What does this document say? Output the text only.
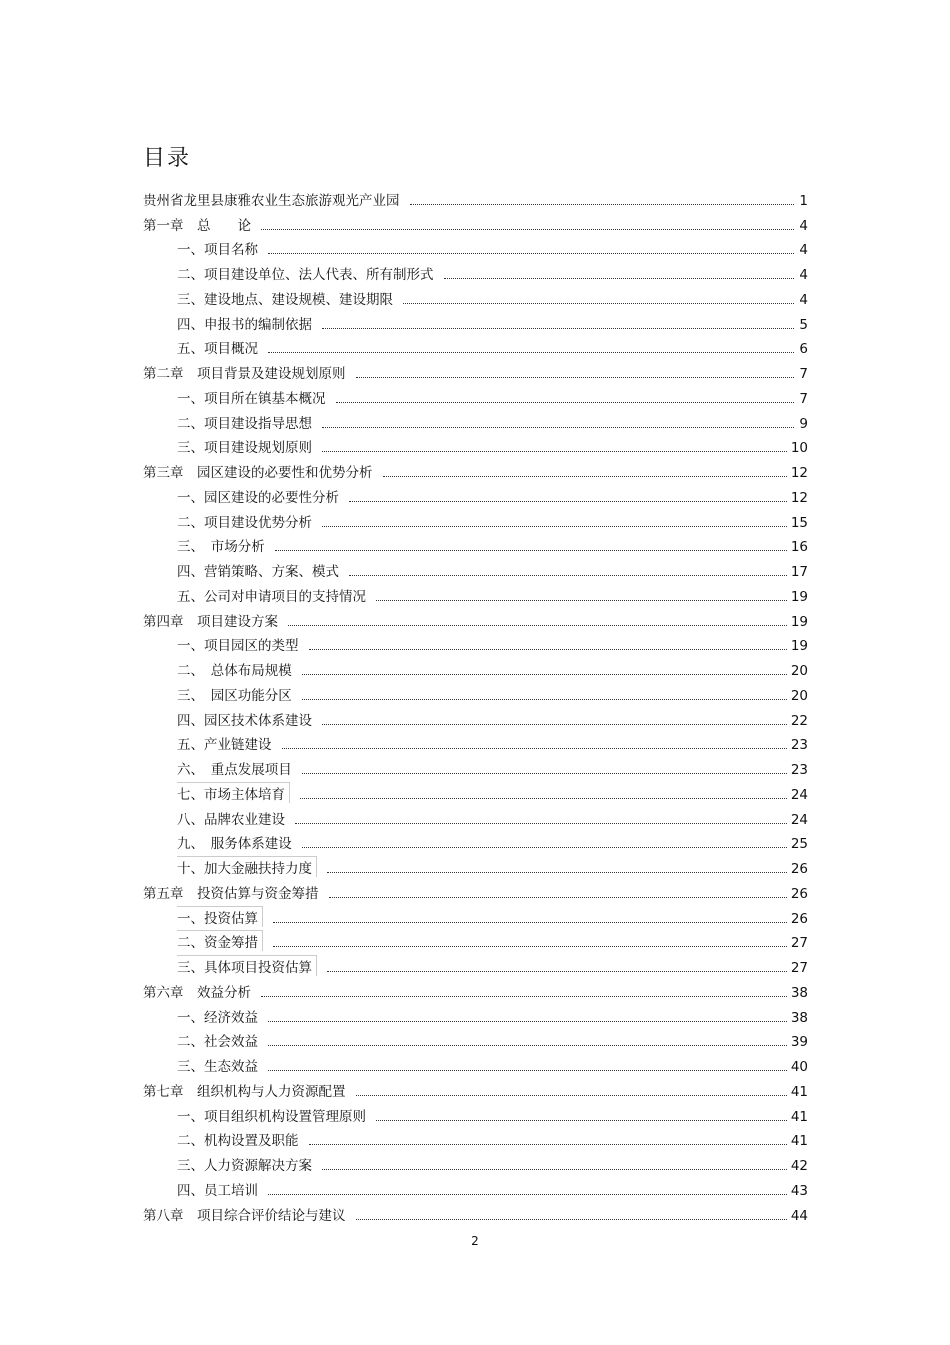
目录
贵州省龙里县康雅农业生态旅游观光产业园	1
第一章　总　　论	4
一、项目名称	4
二、项目建设单位、法人代表、所有制形式	4
三、建设地点、建设规模、建设期限	4
四、申报书的编制依据	5
五、项目概况	6
第二章　项目背景及建设规划原则	7
一、项目所在镇基本概况	7
二、项目建设指导思想	9
三、项目建设规划原则	10
第三章　园区建设的必要性和优势分析	12
一、园区建设的必要性分析	12
二、项目建设优势分析	15
三、　市场分析	16
四、营销策略、方案、模式	17
五、公司对申请项目的支持情况	19
第四章　项目建设方案	19
一、项目园区的类型	19
二、　总体布局规模	20
三、　园区功能分区	20
四、园区技术体系建设	22
五、产业链建设	23
六、　重点发展项目	23
七、市场主体培育	24
八、品牌农业建设	24
九、　服务体系建设	25
十、加大金融扶持力度	26
第五章　投资估算与资金筹措	26
一、投资估算	26
二、资金筹措	27
三、具体项目投资估算	27
第六章　效益分析	38
一、经济效益	38
二、社会效益	39
三、生态效益	40
第七章　组织机构与人力资源配置	41
一、项目组织机构设置管理原则	41
二、机构设置及职能	41
三、人力资源解决方案	42
四、员工培训	43
第八章　项目综合评价结论与建议	44
2
